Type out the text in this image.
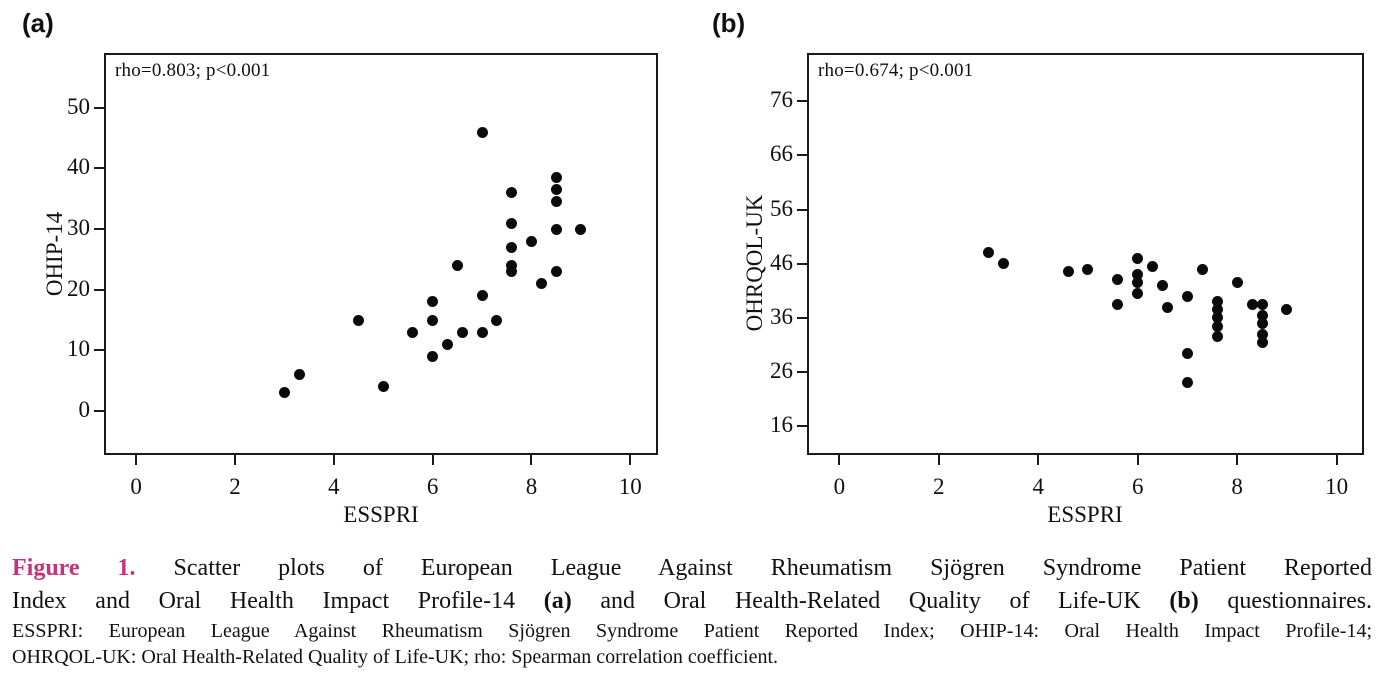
(a)	(b)
rho=0.803; p<0.001
0	2	4	6	8	10
0
10
20
30
40
50
rho=0.674; p<0.001
0	2	4	6	8	10
16
26
36
46
56
66
76
OHIP-14	OHRQOL-UK
ESSPRI	ESSPRI
Figure 1. Scatter plots of European League Against Rheumatism Sjögren Syndrome Patient Reported
Index and Oral Health Impact Profile-14 (a) and Oral Health-Related Quality of Life-UK (b) questionnaires.
ESSPRI: European League Against Rheumatism Sjögren Syndrome Patient Reported Index; OHIP-14: Oral Health Impact Profile-14;
OHRQOL-UK: Oral Health-Related Quality of Life-UK; rho: Spearman correlation coefficient.
